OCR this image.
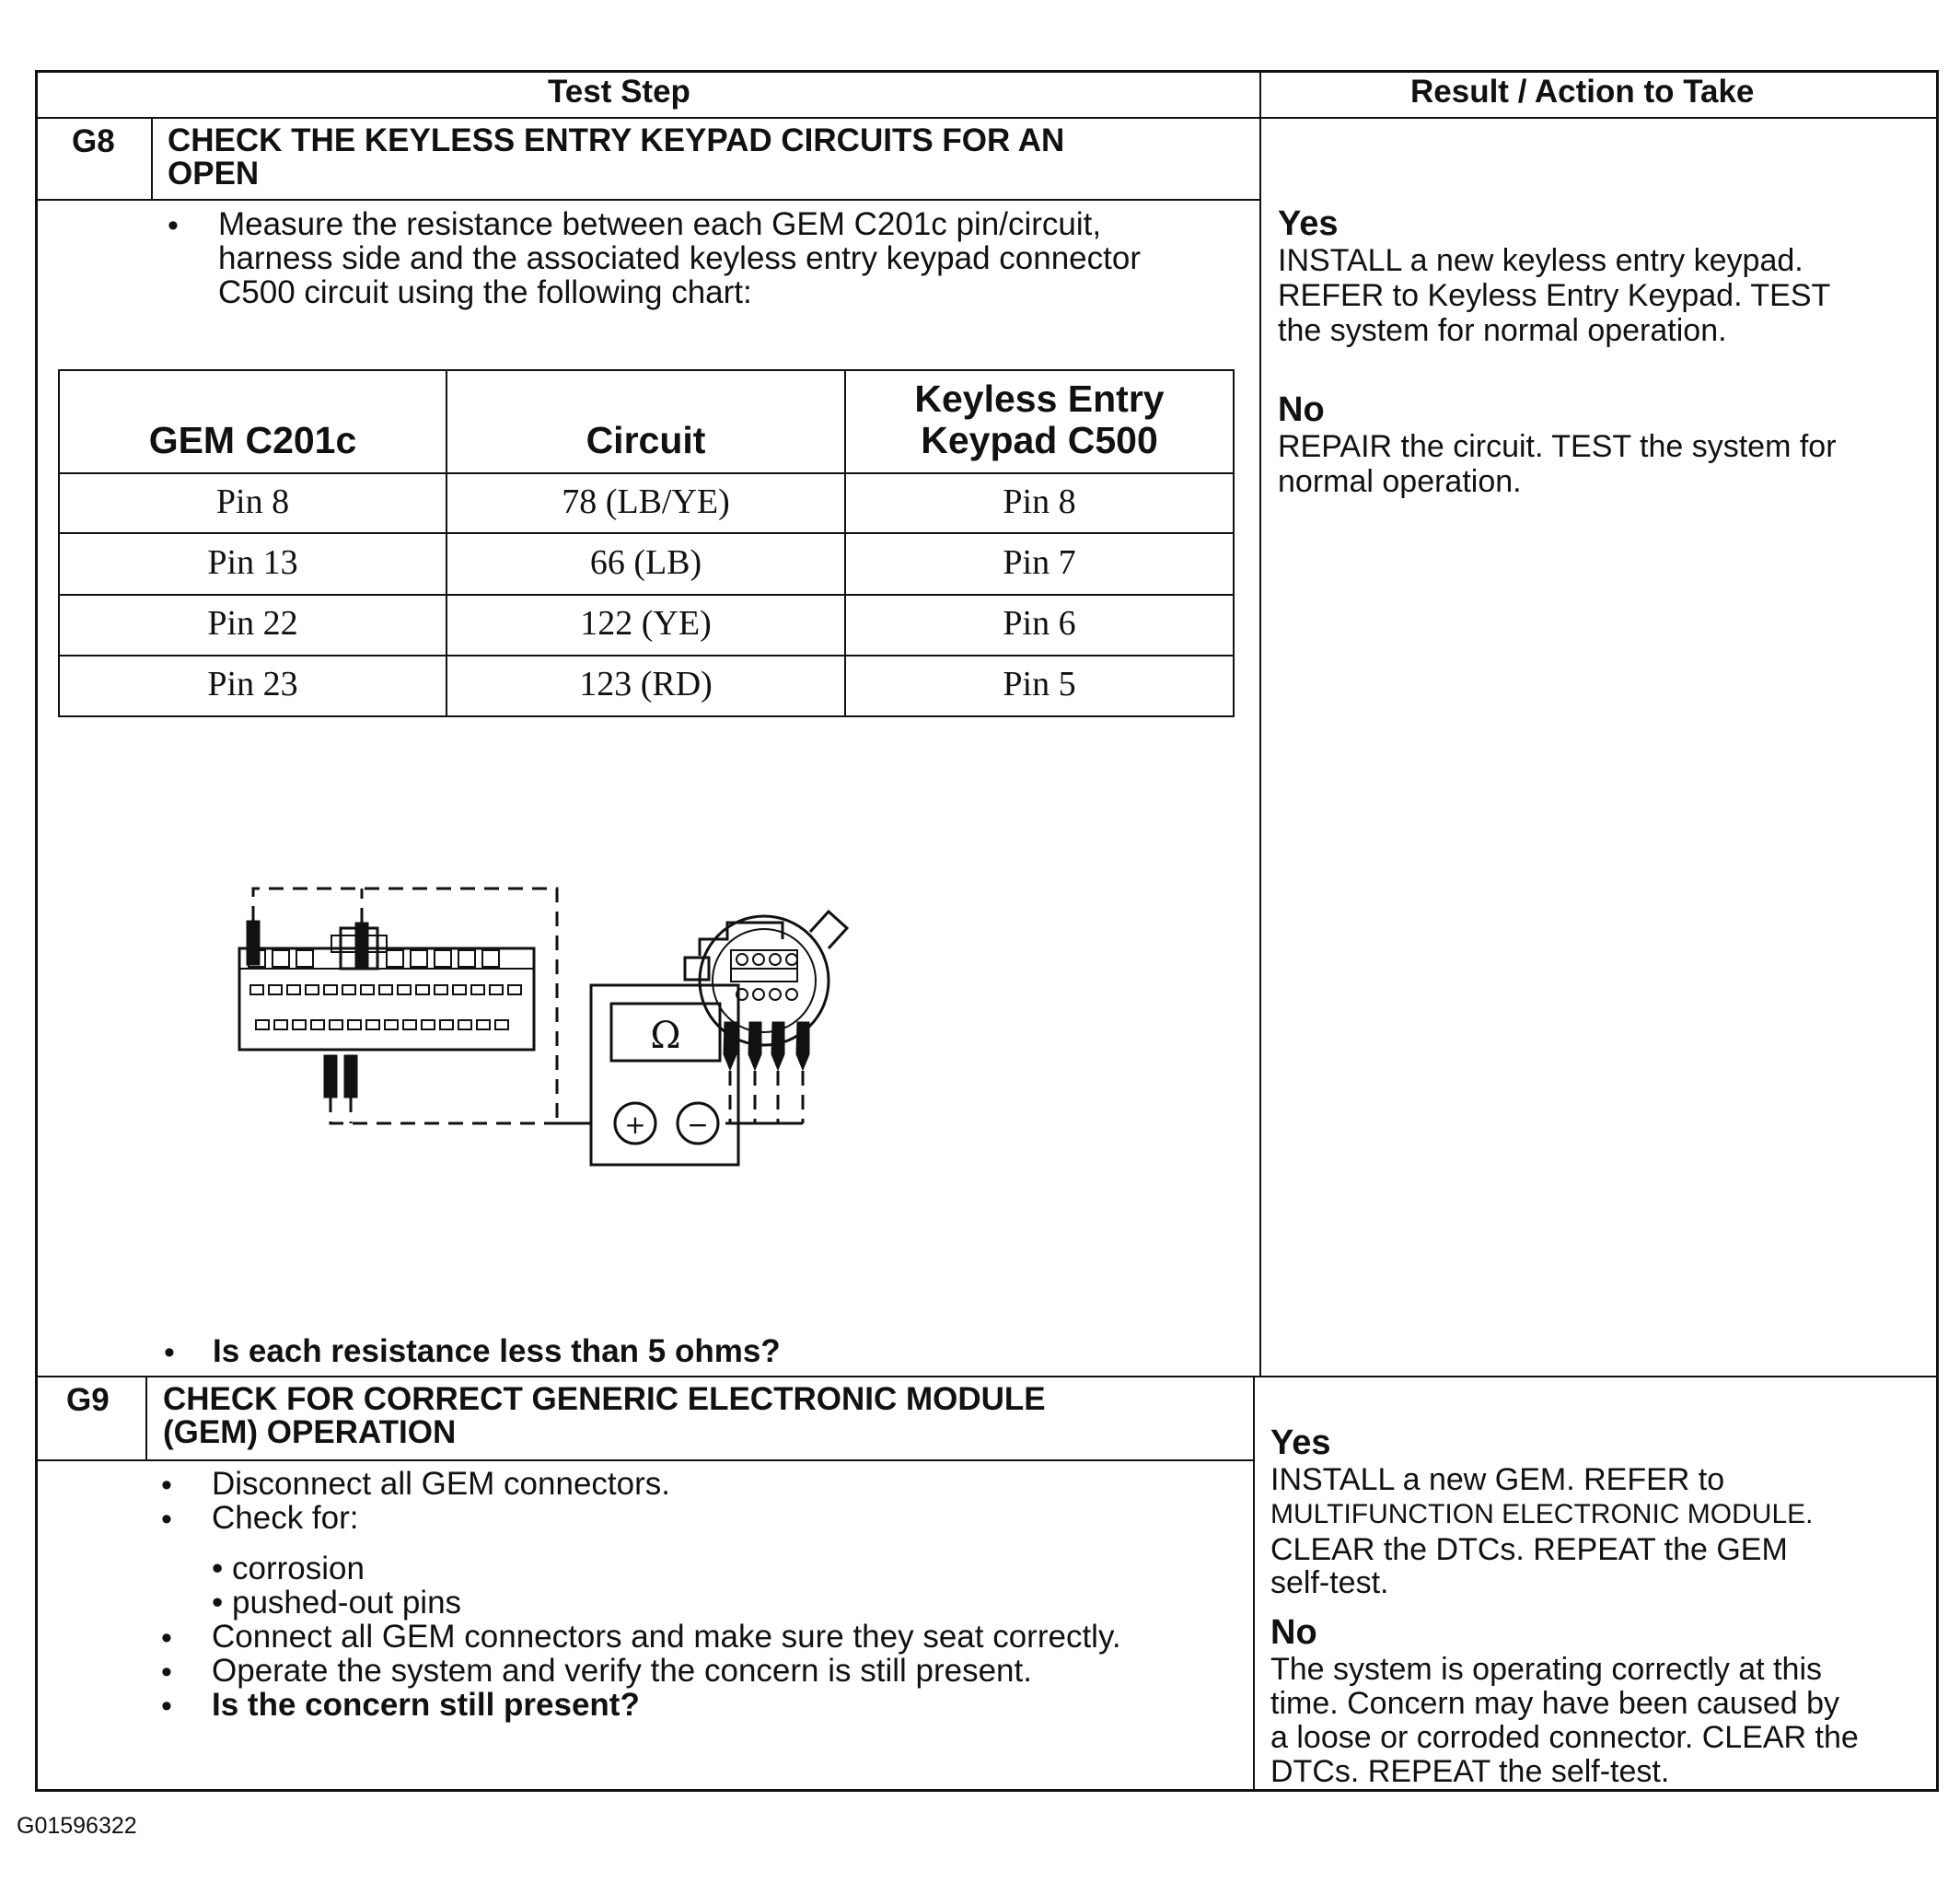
Test Step	Result / Action to Take
G8 CHECK THE KEYLESS ENTRY KEYPAD CIRCUITS FOR AN
OPEN
• Measure the resistance between each GEM C201c pin/circuit,
harness side and the associated keyless entry keypad connector
C500 circuit using the following chart:
GEM C201c	Circuit
Keyless Entry
Keypad C500
Pin 8	78 (LB/YE)	Pin 8
Pin 13	66 (LB)	Pin 7
Pin 22	122 (YE)	Pin 6
Pin 23	123 (RD)	Pin 5
Ω
+ −
• Is each resistance less than 5 ohms?
Yes
INSTALL a new keyless entry keypad.
REFER to Keyless Entry Keypad. TEST
the system for normal operation.
No
REPAIR the circuit. TEST the system for
normal operation.
G9 CHECK FOR CORRECT GENERIC ELECTRONIC MODULE
(GEM) OPERATION
• Disconnect all GEM connectors.
• Check for:
• corrosion
• pushed-out pins
• Connect all GEM connectors and make sure they seat correctly.
• Operate the system and verify the concern is still present.
• Is the concern still present?
Yes
INSTALL a new GEM. REFER to
MULTIFUNCTION ELECTRONIC MODULE.
CLEAR the DTCs. REPEAT the GEM
self-test.
No
The system is operating correctly at this
time. Concern may have been caused by
a loose or corroded connector. CLEAR the
DTCs. REPEAT the self-test.
G01596322
